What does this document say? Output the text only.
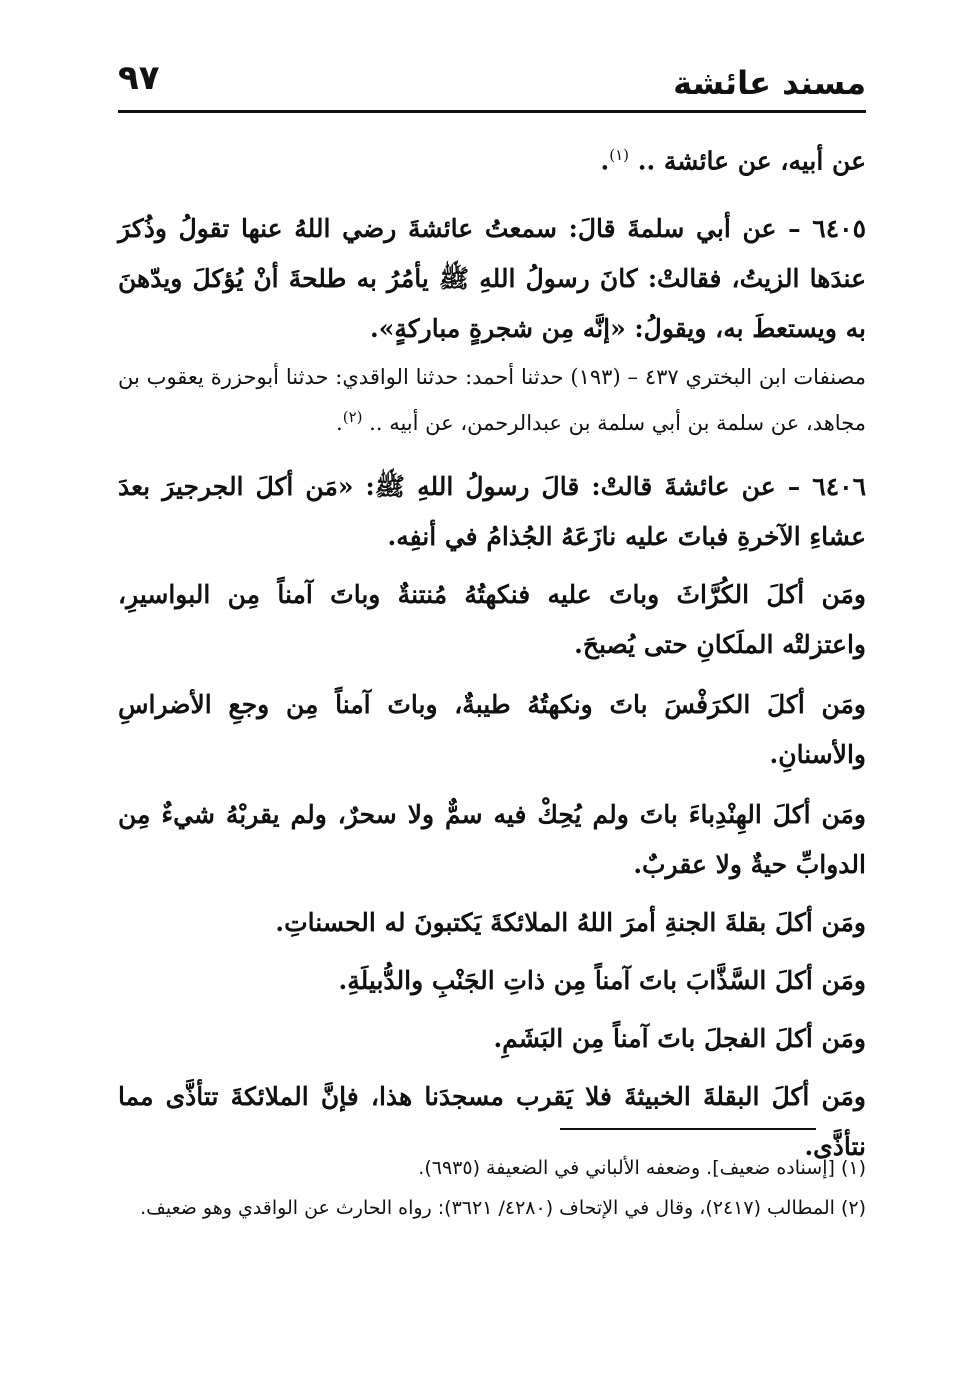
٩٧	مسند عائشة
عن أبيه، عن عائشة .. $^{(١)}$.
٦٤٠٥ – عن أبي سلمةَ قالَ: سمعتُ عائشةَ رضي اللهُ عنها تقولُ وذُكرَ عندَها الزيتُ، فقالتْ: كانَ رسولُ اللهِ ﷺ يأمُرُ به طلحةَ أنْ يُؤكلَ ويدّهنَ به ويستعطَ به، ويقولُ: «إنَّه مِن شجرةٍ مباركةٍ».
مصنفات ابن البختري ٤٣٧ – (١٩٣) حدثنا أحمد: حدثنا الواقدي: حدثنا أبوحزرة يعقوب بن مجاهد، عن سلمة بن أبي سلمة بن عبدالرحمن، عن أبيه .. $^{(٢)}$.
٦٤٠٦ – عن عائشةَ قالتْ: قالَ رسولُ اللهِ ﷺ: «مَن أكلَ الجرجيرَ بعدَ عشاءِ الآخرةِ فباتَ عليه نازَعَهُ الجُذامُ في أنفِه.
ومَن أكلَ الكُرَّاثَ وباتَ عليه فنكهتُهُ مُنتنةٌ وباتَ آمناً مِن البواسيرِ، واعتزلتْه الملَكانِ حتى يُصبحَ.
ومَن أكلَ الكرَفْسَ باتَ ونكهتُهُ طيبةٌ، وباتَ آمناً مِن وجعِ الأضراسِ والأسنانِ.
ومَن أكلَ الهِنْدِباءَ باتَ ولم يُحِكْ فيه سمٌّ ولا سحرٌ، ولم يقربْهُ شيءٌ مِن الدوابِّ حيةٌ ولا عقربٌ.
ومَن أكلَ بقلةَ الجنةِ أمرَ اللهُ الملائكةَ يَكتبونَ له الحسناتِ.
ومَن أكلَ السَّذَّابَ باتَ آمناً مِن ذاتِ الجَنْبِ والدُّبيلَةِ.
ومَن أكلَ الفجلَ باتَ آمناً مِن البَشَمِ.
ومَن أكلَ البقلةَ الخبيثةَ فلا يَقرب مسجدَنا هذا، فإنَّ الملائكةَ تتأذَّى مما نتأذَّى.
(١) [إسناده ضعيف]. وضعفه الألباني في الضعيفة (٦٩٣٥).
(٢) المطالب (٢٤١٧)، وقال في الإتحاف (٤٢٨٠/ ٣٦٢١): رواه الحارث عن الواقدي وهو ضعيف.
